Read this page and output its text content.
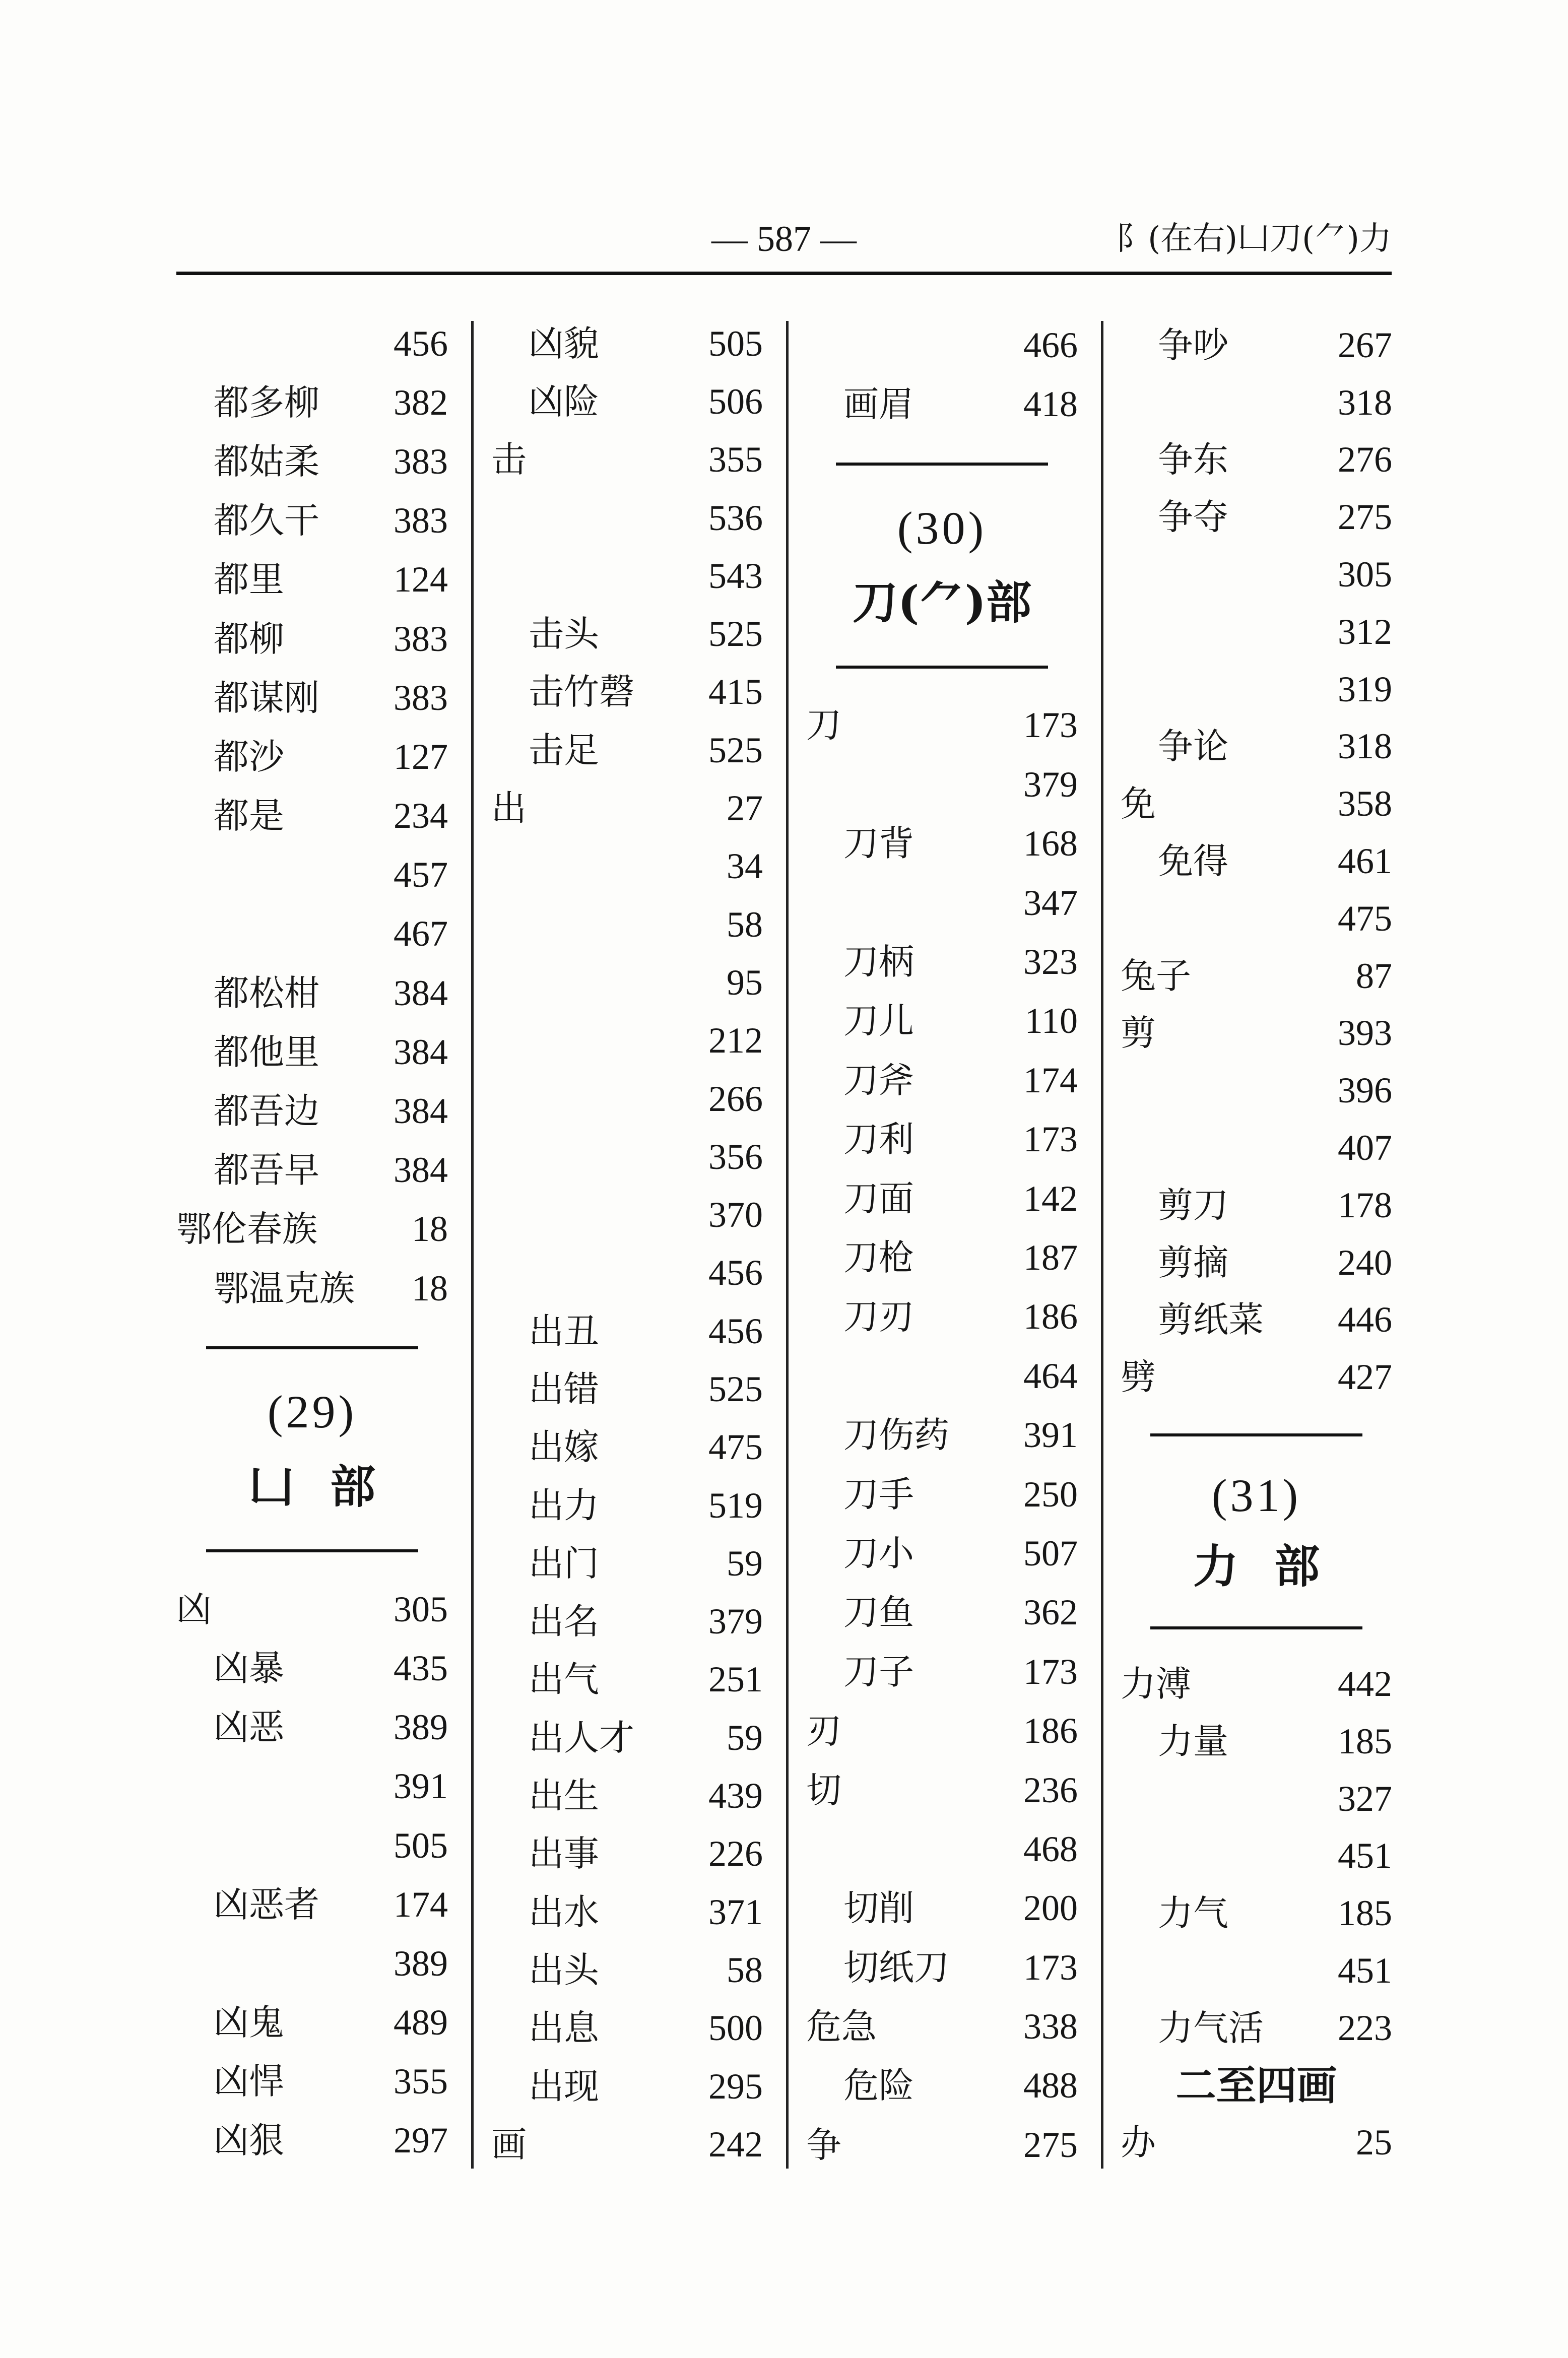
— 587 —	阝(在右)凵刀(⺈)力
456
都多柳 382
都姑柔 383
都久干 383
都里	124
都柳	383
都谋刚 383
都沙	127
都是	234
457
467
都松柑 384
都他里 384
都吾边 384
都吾早 384
鄂伦春族	18
鄂温克族 18
(29)
凵 部
凶	305
凶暴	435
凶恶	389
391
505
凶恶者 174
389
凶鬼	489
凶悍	355
凶狠	297
凶貌	505
凶险	506
击	355
536
543
击头	525
击竹磬 415
击足	525
出	27
34
58
95
212
266
356
370
456
出丑	456
出错	525
出嫁	475
出力	519
出门	59
出名	379
出气	251
出人才	59
出生	439
出事	226
出水	371
出头	58
出息	500
出现	295
画	242
466
画眉	418
(30)
刀(⺈)部
刀	173
379
刀背	168
347
刀柄	323
刀儿	110
刀斧	174
刀利	173
刀面	142
刀枪	187
刀刃	186
464
刀伤药 391
刀手	250
刀小	507
刀鱼	362
刀子	173
刃	186
切	236
468
切削	200
切纸刀 173
危急	338
危险	488
争	275
争吵	267
318
争东	276
争夺	275
305
312
319
争论	318
免	358
免得	461
475
兔子	87
剪	393
396
407
剪刀	178
剪摘	240
剪纸菜 446
劈	427
(31)
力 部
力溥	442
力量	185
327
451
力气	185
451
力气活 223
二至四画
办	25
